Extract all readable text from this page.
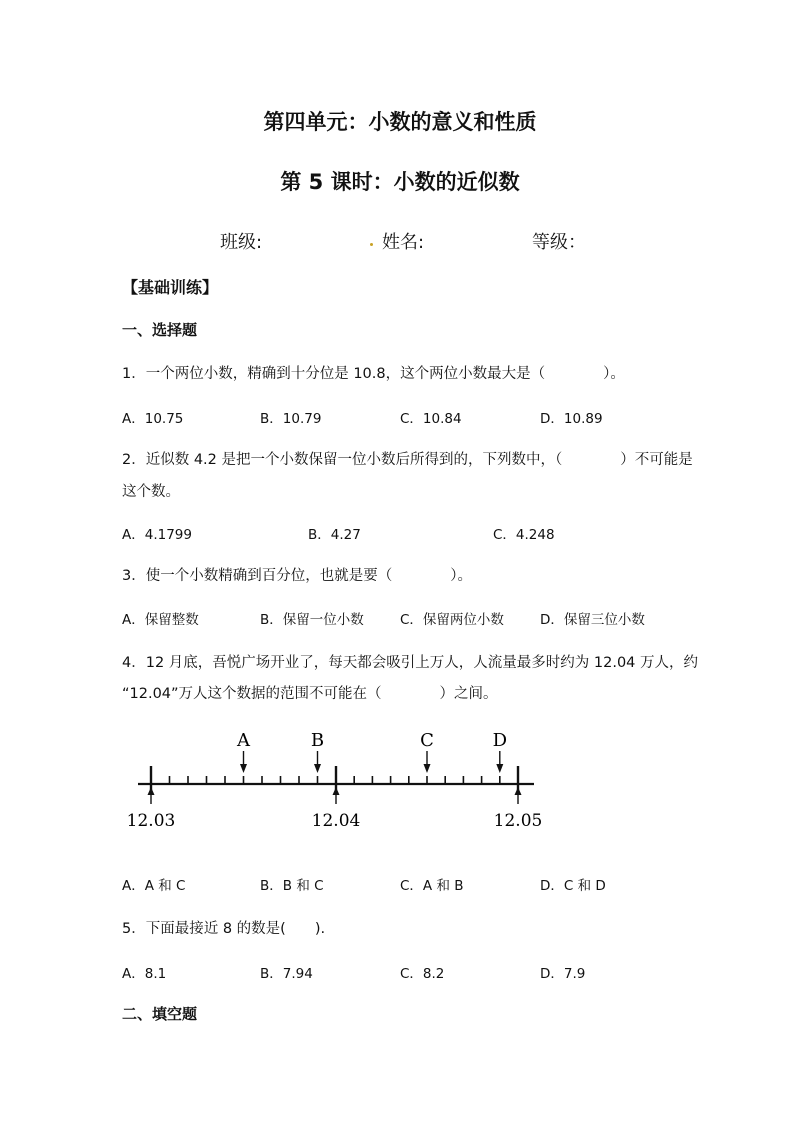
第四单元：小数的意义和性质
第 5 课时：小数的近似数
班级:	姓名:	等级：
【基础训练】
一、选择题
1．一个两位小数，精确到十分位是 10.8，这个两位小数最大是（　　　　）。
A．10.75	B．10.79	C．10.84	D．10.89
2．近似数 4.2 是把一个小数保留一位小数后所得到的，下列数中，（　　　　）不可能是
这个数。
A．4.1799	B．4.27	C．4.248
3．使一个小数精确到百分位，也就是要（　　　　）。
A．保留整数	B．保留一位小数	C．保留两位小数	D．保留三位小数
4．12 月底，吾悦广场开业了，每天都会吸引上万人，人流量最多时约为 12.04 万人，约
“12.04”万人这个数据的范围不可能在（　　　　）之间。
A	B	C	D
12.03	12.04	12.05
A．A 和 C	B．B 和 C	C．A 和 B	D．C 和 D
5．下面最接近 8 的数是(　　).
A．8.1	B．7.94	C．8.2	D．7.9
二、填空题
